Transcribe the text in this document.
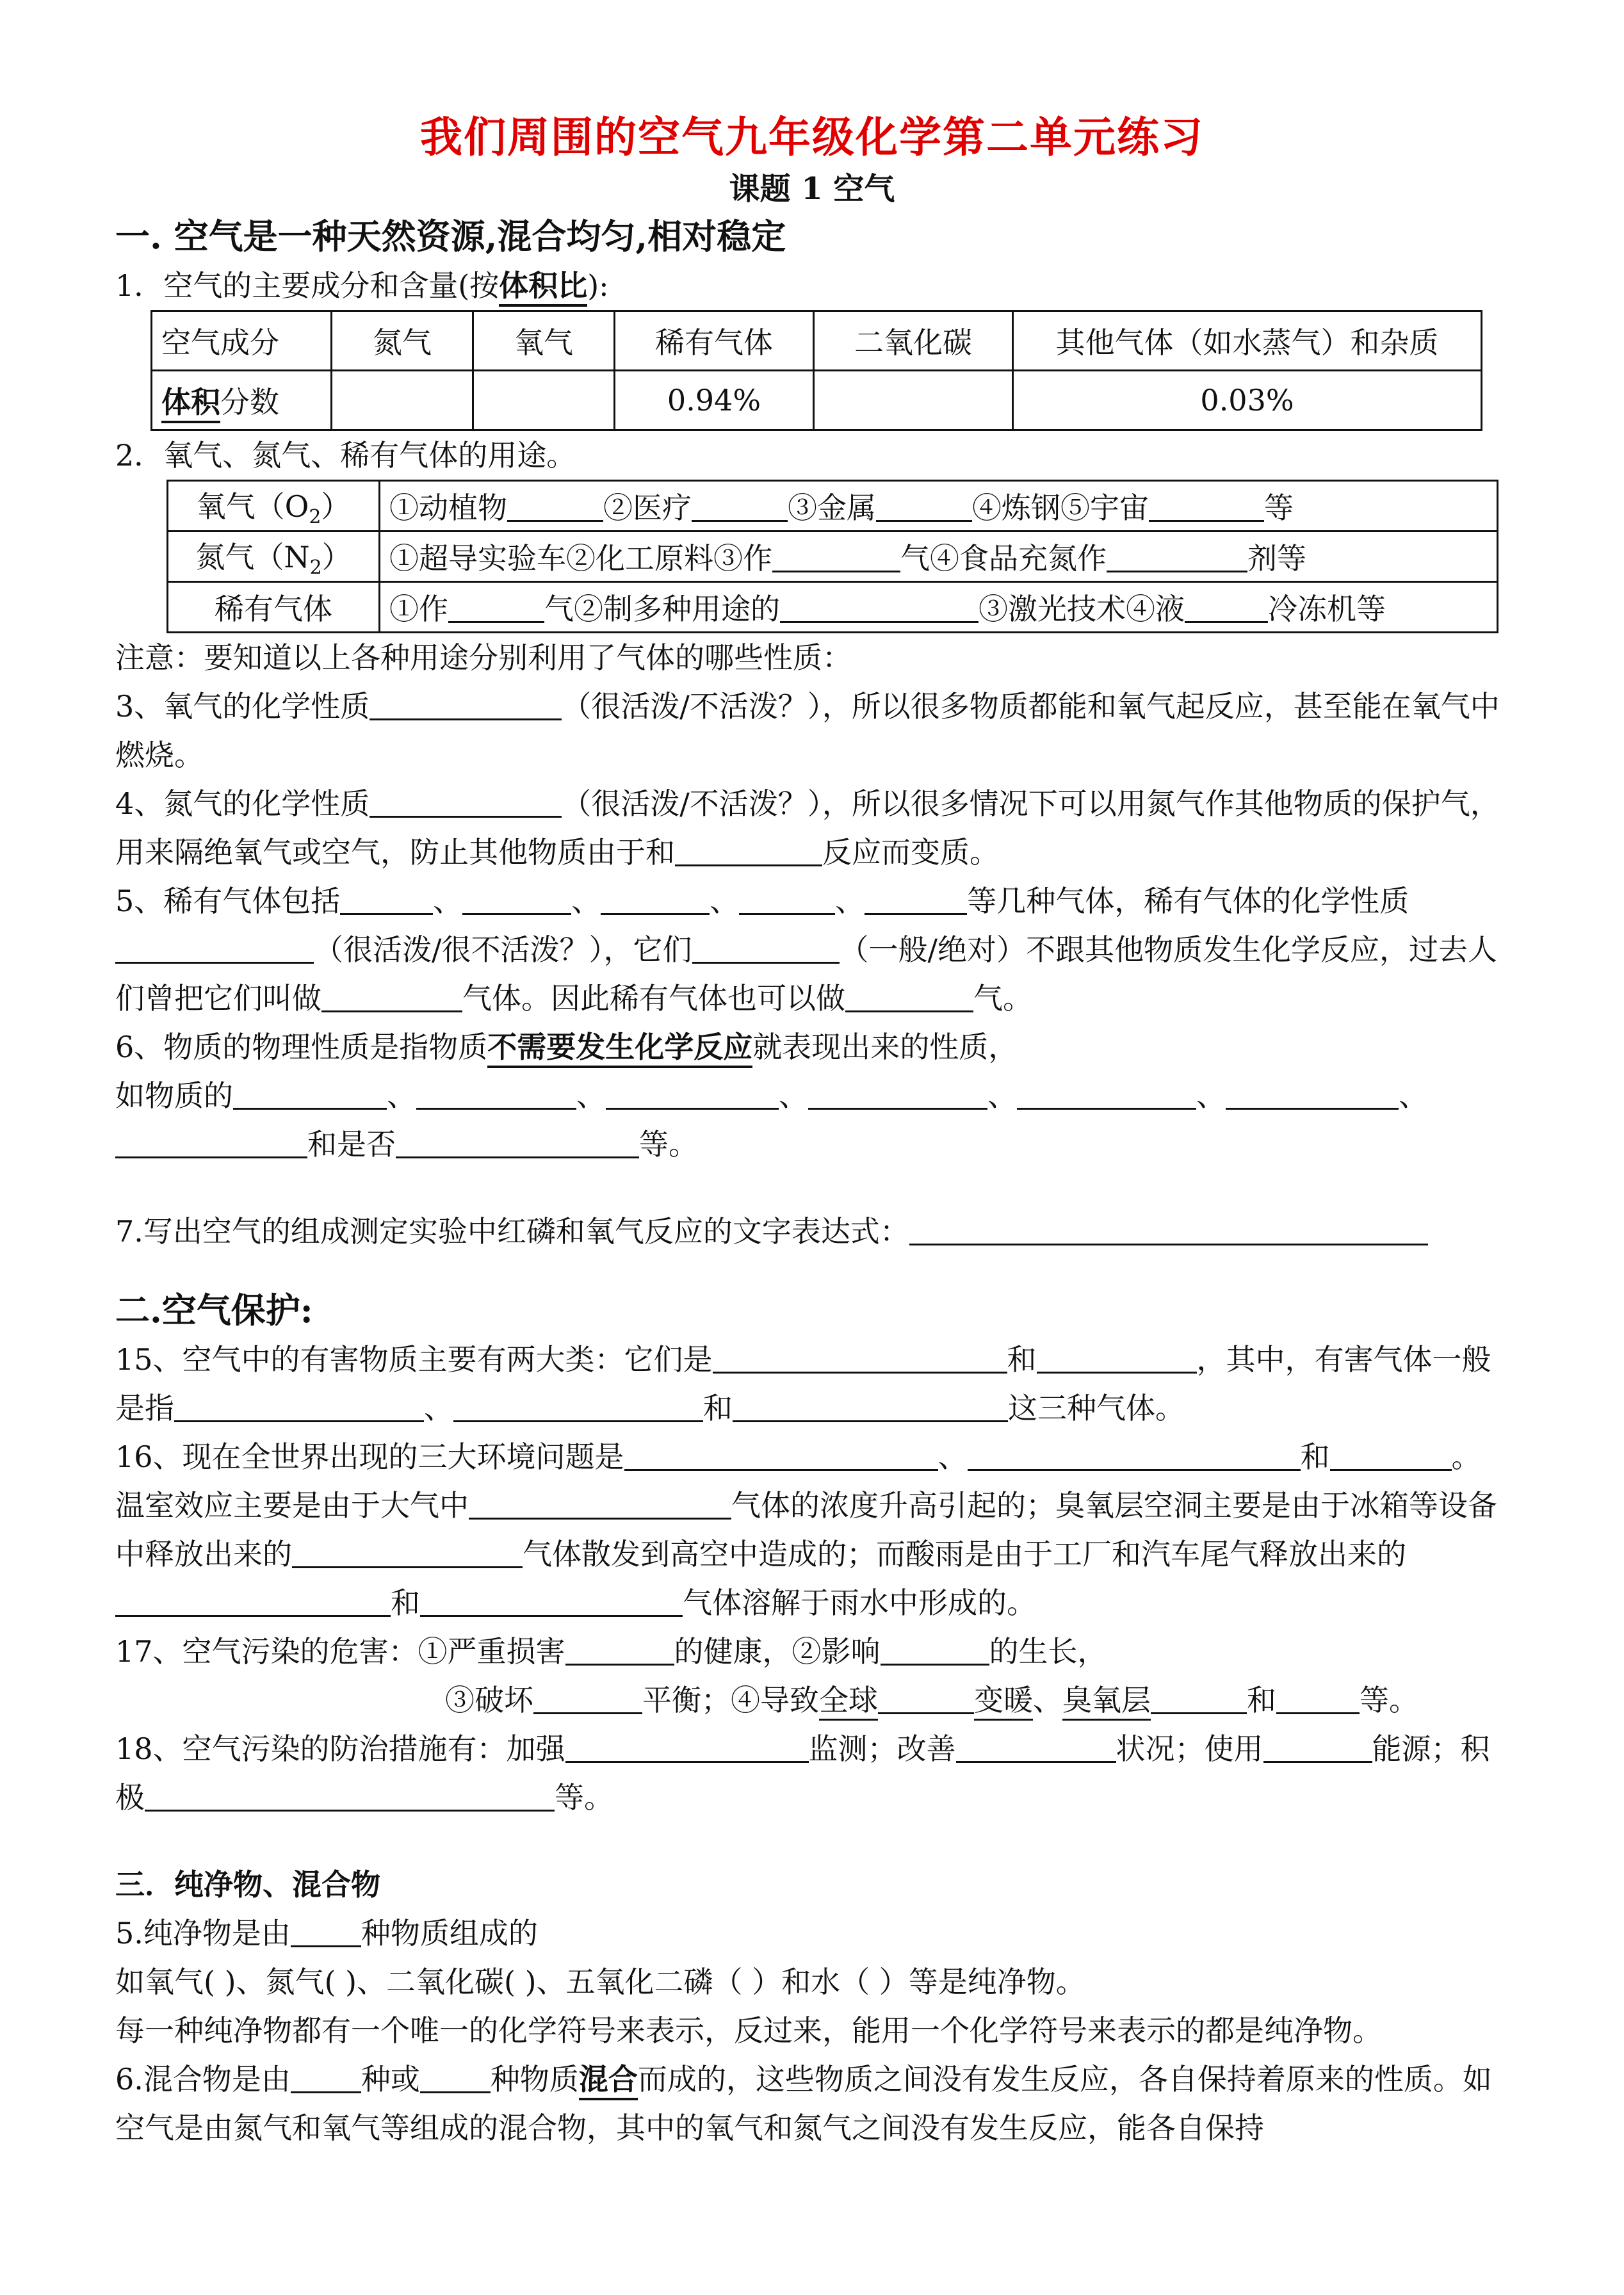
我们周围的空气九年级化学第二单元练习
课题 1 空气
一. 空气是一种天然资源,混合均匀,相对稳定
1．空气的主要成分和含量(按体积比):
空气成分	氮气	氧气	稀有气体	二氧化碳	其他气体（如水蒸气）和杂质
体积分数			0.94%		0.03%
2．氧气、氮气、稀有气体的用途。
氧气$(O_2)$	①动植物 ②医疗 ③金属 ④炼钢⑤宇宙 等
氮气$(N_2)$	①超导实验车②化工原料③作 气④食品充氮作 剂等
稀有气体	①作 气②制多种用途的 ③激光技术④液 冷冻机等
注意：要知道以上各种用途分别利用了气体的哪些性质：
3、氧气的化学性质	（很活泼/不活泼？），所以很多物质都能和氧气起反应，甚至能在氧气中燃烧。
4、氮气的化学性质	（很活泼/不活泼？），所以很多情况下可以用氮气作其他物质的保护气，用来隔绝氧气或空气，防止其他物质由于和	反应而变质。
5、稀有气体包括	、	、	、	、	等几种气体，稀有气体的化学性质（很活泼/很不活泼？），它们	（一般/绝对）不跟其他物质发生化学反应，过去人们曾把它们叫做	气体。因此稀有气体也可以做	气。
6、物质的物理性质是指物质不需要发生化学反应就表现出来的性质，
如物质的	、	、	、	、	、	、
和是否	等。
7.写出空气的组成测定实验中红磷和氧气反应的文字表达式：
二.空气保护:
15、空气中的有害物质主要有两大类：它们是	和	，其中，有害气体一般是指	、	和	这三种气体。
16、现在全世界出现的三大环境问题是	、	和	。温室效应主要是由于大气中	气体的浓度升高引起的；臭氧层空洞主要是由于冰箱等设备中释放出来的	气体散发到高空中造成的；而酸雨是由于工厂和汽车尾气释放出来的和	气体溶解于雨水中形成的。
17、空气污染的危害：①严重损害	的健康，②影响	的生长，
③破坏	平衡；④导致全球	变暖、臭氧层	和	等。
18、空气污染的防治措施有：加强	监测；改善	状况；使用	能源；积极	等。
三．纯净物、混合物
5.纯净物是由 种物质组成的
如氧气( )、氮气( )、二氧化碳( )、五氧化二磷（ ）和水（ ）等是纯净物。
每一种纯净物都有一个唯一的化学符号来表示，反过来，能用一个化学符号来表示的都是纯净物。
6.混合物是由 种或 种物质混合而成的，这些物质之间没有发生反应，各自保持着原来的性质。如空气是由氮气和氧气等组成的混合物，其中的氧气和氮气之间没有发生反应，能各自保持
